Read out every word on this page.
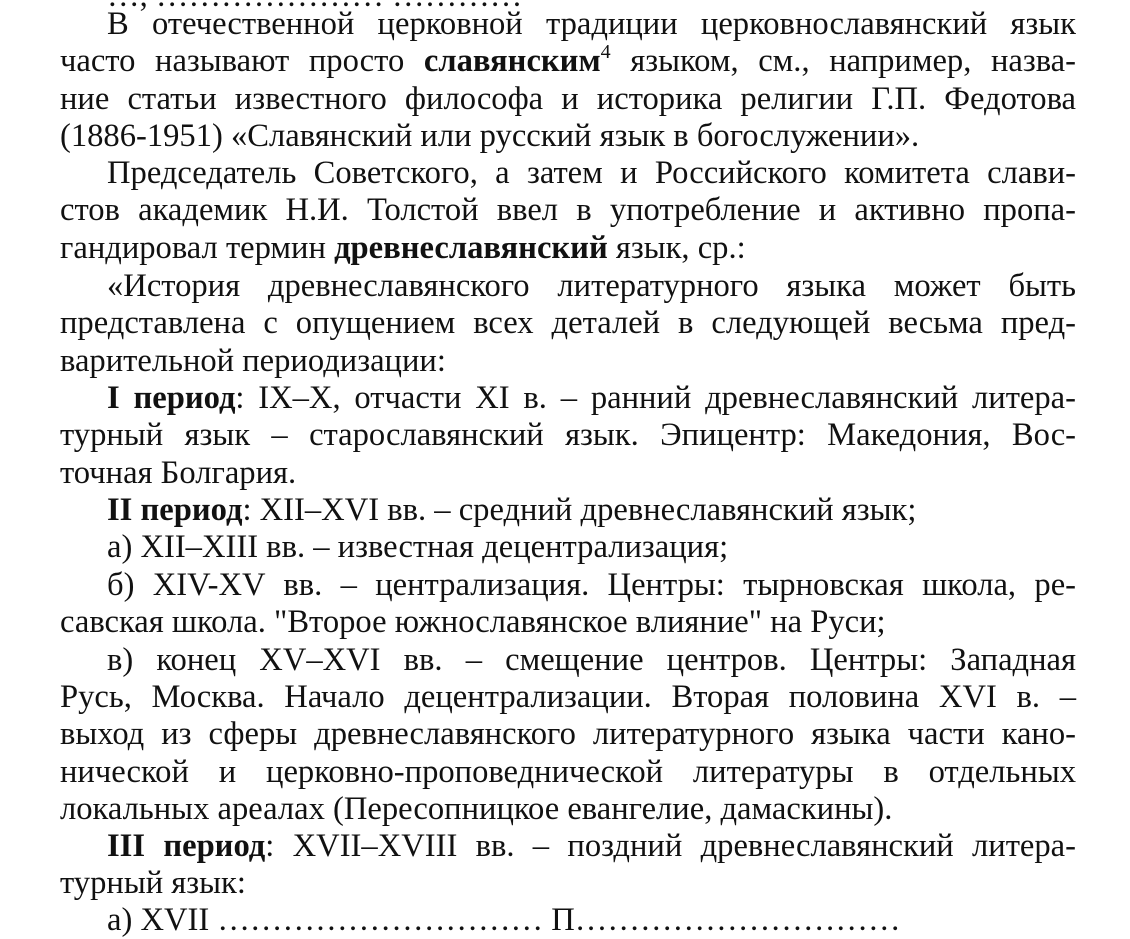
В отечественной церковной традиции церковнославянский язык
часто называют просто славянским$^4$ языком, см., например, назва-
ние статьи известного философа и историка религии Г.П. Федотова
(1886-1951) «Славянский или русский язык в богослужении».
Председатель Советского, а затем и Российского комитета слави-
стов академик Н.И. Толстой ввел в употребление и активно пропа-
гандировал термин древнеславянский язык, ср.:
«История древнеславянского литературного языка может быть
представлена с опущением всех деталей в следующей весьма пред-
варительной периодизации:
I период: IX–X, отчасти XI в. – ранний древнеславянский литера-
турный язык – старославянский язык. Эпицентр: Македония, Вос-
точная Болгария.
II период: XII–XVI вв. – средний древнеславянский язык;
а) XII–XIII вв. – известная децентрализация;
б) XIV-XV вв. – централизация. Центры: тырновская школа, ре-
савская школа. "Второе южнославянское влияние" на Руси;
в) конец XV–XVI вв. – смещение центров. Центры: Западная
Русь, Москва. Начало децентрализации. Вторая половина XVI в. –
выход из сферы древнеславянского литературного языка части кано-
нической и церковно-проповеднической литературы в отдельных
локальных ареалах (Пересопницкое евангелие, дамаскины).
III период: XVII–XVIII вв. – поздний древнеславянский литера-
турный язык:
а) XVII ………………………… П…………………………
